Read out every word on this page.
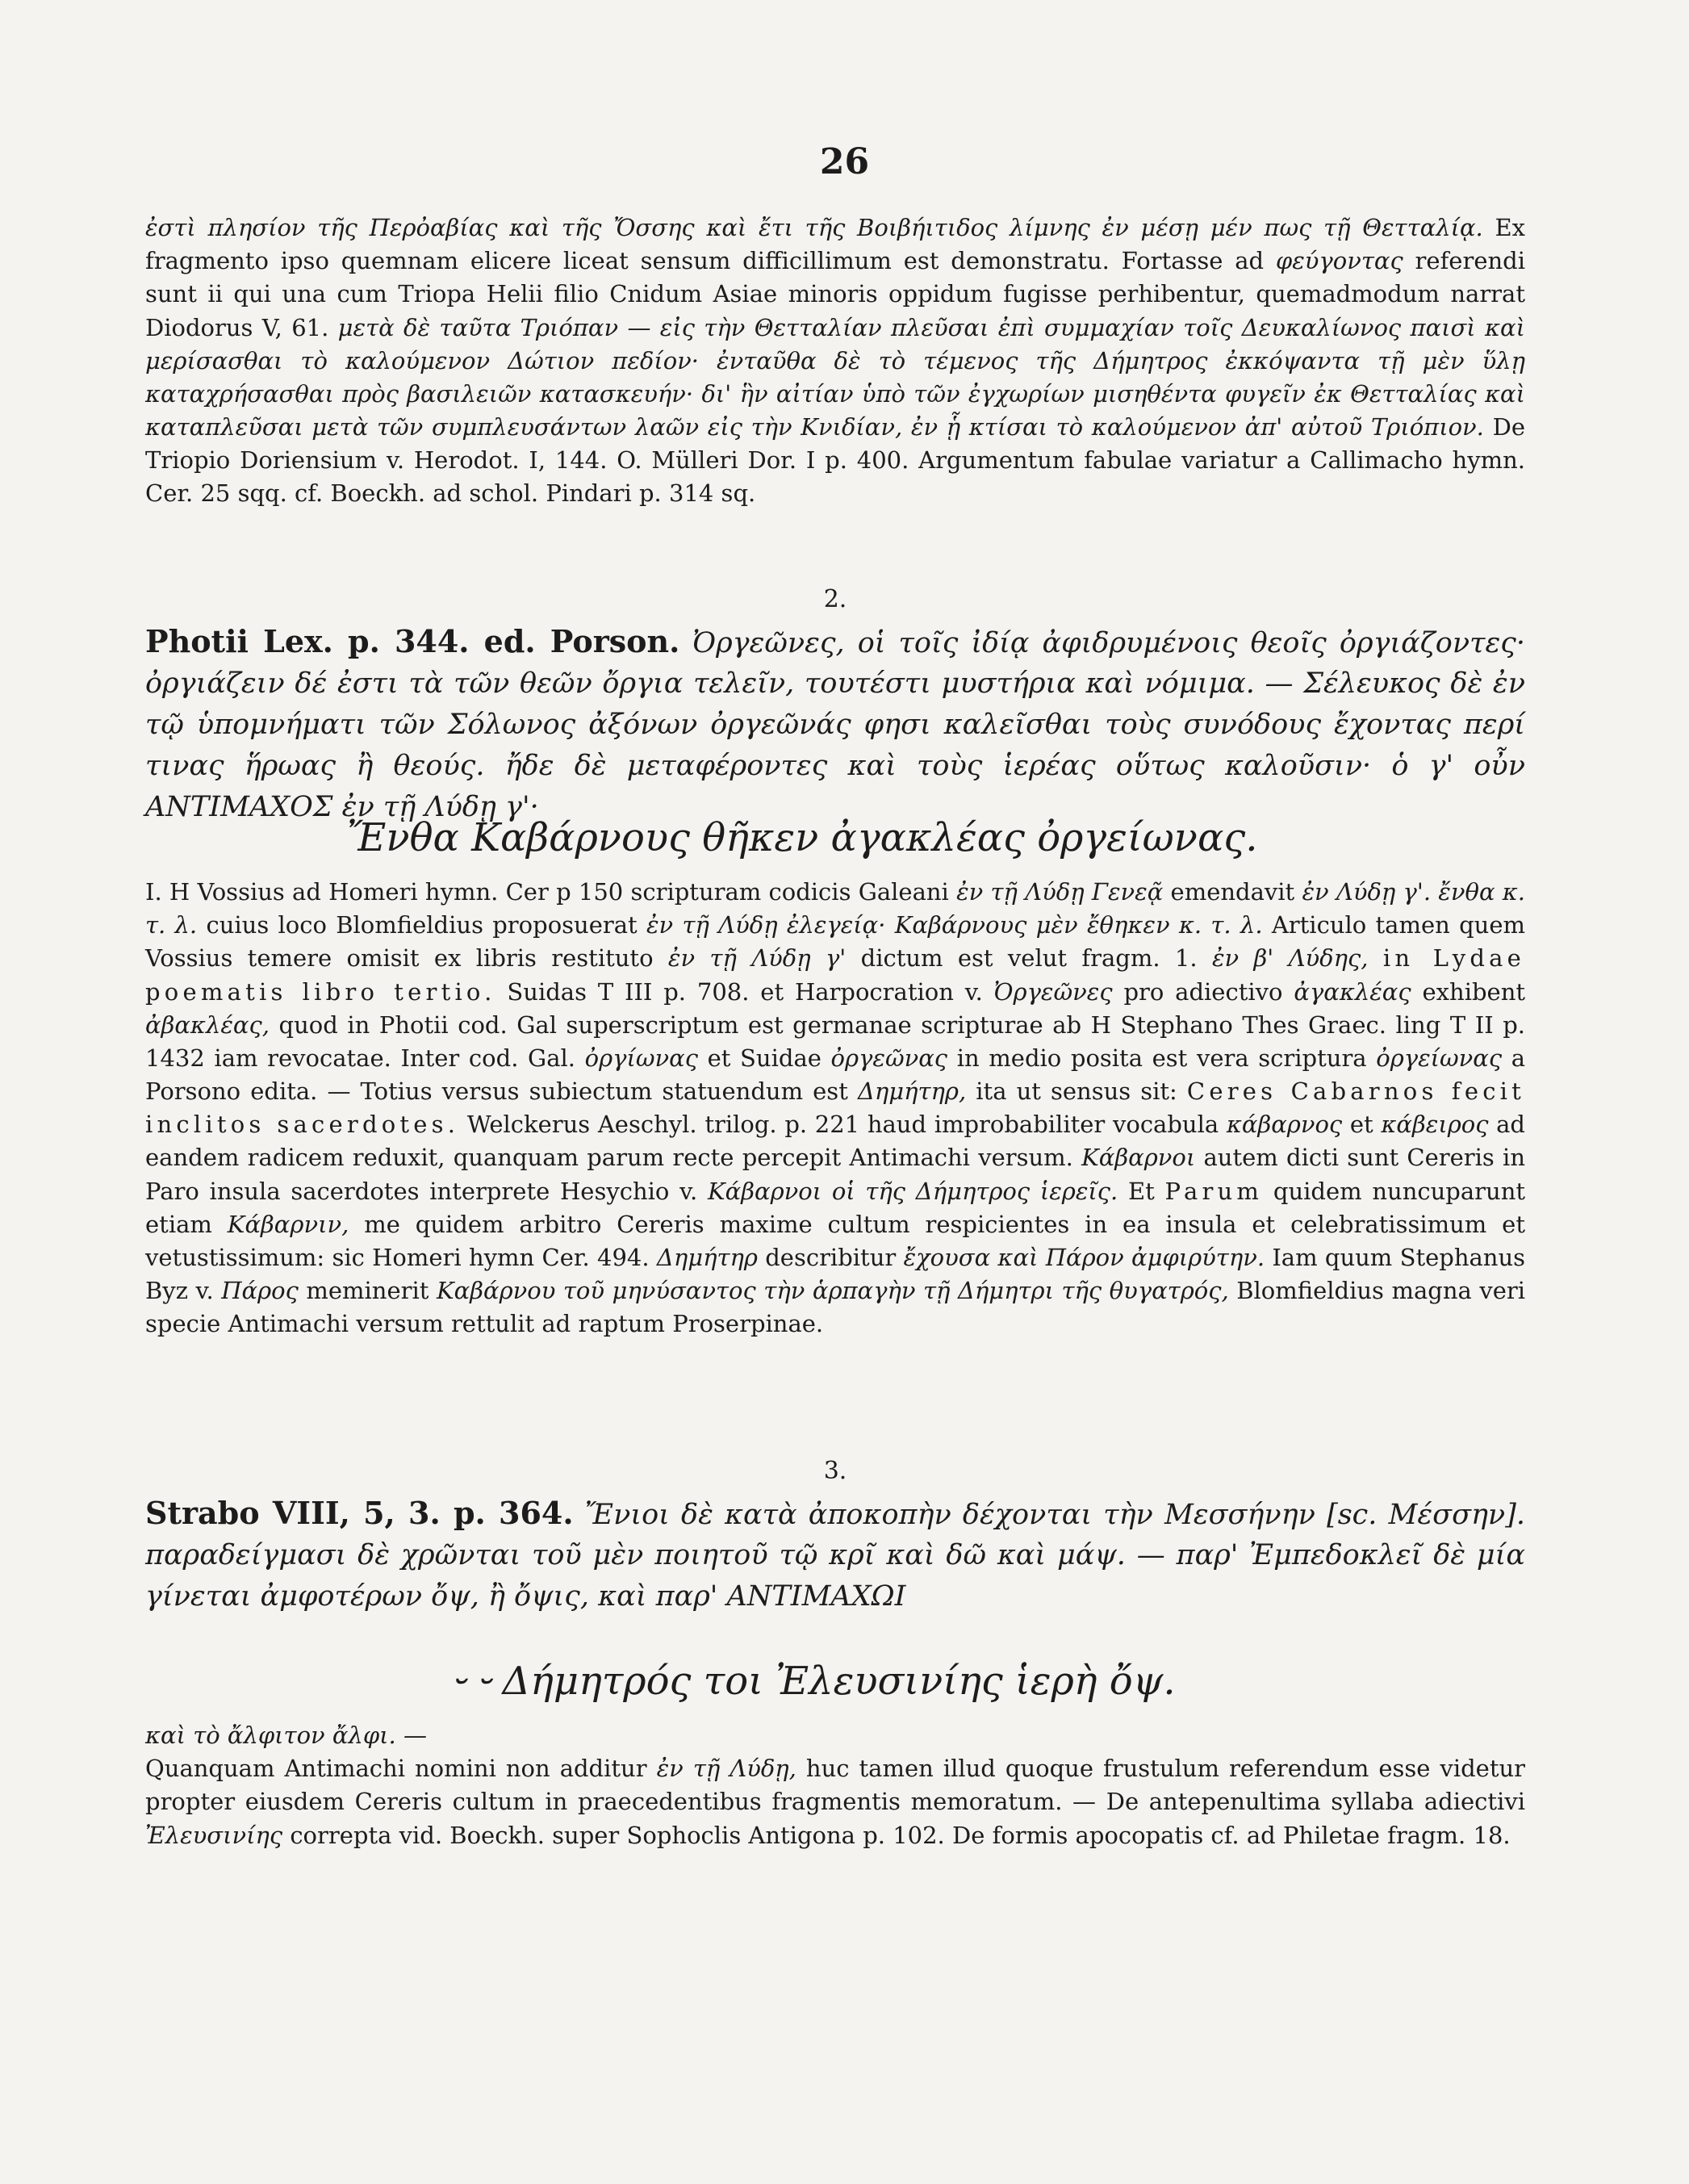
26
ἐστὶ πλησίον τῆς Περὀαβίας καὶ τῆς Ὄσσης καὶ ἔτι τῆς Βοιβήιτιδος λίμνης ἐν μέσῃ μέν πως τῇ Θετταλίᾳ. Ex fragmento ipso quemnam elicere liceat sensum difficillimum est demonstratu. Fortasse ad φεύγοντας referendi sunt ii qui una cum Triopa Helii filio Cnidum Asiae minoris oppidum fugisse perhibentur, quemadmodum narrat Diodorus V, 61. μετὰ δὲ ταῦτα Τριόπαν — εἰς τὴν Θετταλίαν πλεῦσαι ἐπὶ συμμαχίαν τοῖς Δευκαλίωνος παισὶ καὶ μερίσασθαι τὸ καλούμενον Δώτιον πεδίον· ἐνταῦθα δὲ τὸ τέμενος τῆς Δήμητρος ἐκκόψαντα τῇ μὲν ὕλῃ καταχρήσασθαι πρὸς βασιλειῶν κατασκευήν· δι' ἣν αἰτίαν ὑπὸ τῶν ἐγχωρίων μισηθέντα φυγεῖν ἐκ Θετταλίας καὶ καταπλεῦσαι μετὰ τῶν συμπλευσάντων λαῶν εἰς τὴν Κνιδίαν, ἐν ᾗ κτίσαι τὸ καλούμενον ἀπ' αὐτοῦ Τριόπιον. De Triopio Doriensium v. Herodot. I, 144. O. Mülleri Dor. I p. 400. Argumentum fabulae variatur a Callimacho hymn. Cer. 25 sqq. cf. Boeckh. ad schol. Pindari p. 314 sq.
2.
Photii Lex. p. 344. ed. Porson. Ὀργεῶνες, οἱ τοῖς ἰδίᾳ ἀφιδρυμένοις θεοῖς ὀργιάζοντες· ὀργιάζειν δέ ἐστι τὰ τῶν θεῶν ὄργια τελεῖν, τουτέστι μυστήρια καὶ νόμιμα. — Σέλευκος δὲ ἐν τῷ ὑπομνήματι τῶν Σόλωνος ἀξόνων ὀργεῶνάς φησι καλεῖσθαι τοὺς συνόδους ἔχοντας περί τινας ἥρωας ἢ θεούς. ἤδε δὲ μεταφέροντες καὶ τοὺς ἱερέας οὕτως καλοῦσιν· ὁ γ' οὖν ΑΝΤΙΜΑΧΟΣ ἐν τῇ Λύδῃ γ'·
Ἔνθα Καβάρνους θῆκεν ἀγακλέας ὀργείωνας.
I. H Vossius ad Homeri hymn. Cer p 150 scripturam codicis Galeani ἐν τῇ Λύδῃ Γενεᾷ emendavit ἐν Λύδῃ γ'. ἔνθα κ. τ. λ. cuius loco Blomfieldius proposuerat ἐν τῇ Λύδῃ ἐλεγείᾳ· Καβάρνους μὲν ἔθηκεν κ. τ. λ. Articulo tamen quem Vossius temere omisit ex libris restituto ἐν τῇ Λύδῃ γ' dictum est velut fragm. 1. ἐν β' Λύδης, in Lydae poematis libro tertio. Suidas T III p. 708. et Harpocration v. Ὀργεῶνες pro adiectivo ἀγακλέας exhibent ἀβακλέας, quod in Photii cod. Gal superscriptum est germanae scripturae ab H Stephano Thes Graec. ling T II p. 1432 iam revocatae. Inter cod. Gal. ὀργίωνας et Suidae ὀργεῶνας in medio posita est vera scriptura ὀργείωνας a Porsono edita. — Totius versus subiectum statuendum est Δημήτηρ, ita ut sensus sit: Ceres Cabarnos fecit inclitos sacerdotes. Welckerus Aeschyl. trilog. p. 221 haud improbabiliter vocabula κάβαρνος et κάβειρος ad eandem radicem reduxit, quanquam parum recte percepit Antimachi versum. Κάβαρνοι autem dicti sunt Cereris in Paro insula sacerdotes interprete Hesychio v. Κάβαρνοι οἱ τῆς Δήμητρος ἱερεῖς. Et Parum quidem nuncuparunt etiam Κάβαρνιν, me quidem arbitro Cereris maxime cultum respicientes in ea insula et celebratissimum et vetustissimum: sic Homeri hymn Cer. 494. Δημήτηρ describitur ἔχουσα καὶ Πάρον ἀμφιρύτην. Iam quum Stephanus Byz v. Πάρος meminerit Καβάρνου τοῦ μηνύσαντος τὴν ἁρπαγὴν τῇ Δήμητρι τῆς θυγατρός, Blomfieldius magna veri specie Antimachi versum rettulit ad raptum Proserpinae.
3.
Strabo VIII, 5, 3. p. 364. Ἔνιοι δὲ κατὰ ἀποκοπὴν δέχονται τὴν Μεσσήνην [sc. Μέσσην]. παραδείγμασι δὲ χρῶνται τοῦ μὲν ποιητοῦ τῷ κρῖ καὶ δῶ καὶ μάψ. — παρ' Ἐμπεδοκλεῖ δὲ μία γίνεται ἀμφοτέρων ὄψ, ἢ ὄψις, καὶ παρ' ΑΝΤΙΜΑΧΩΙ
⏑ ⏑ Δήμητρός τοι Ἐλευσινίης ἱερὴ ὄψ.
καὶ τὸ ἄλφιτον ἄλφι. —
Quanquam Antimachi nomini non additur ἐν τῇ Λύδῃ, huc tamen illud quoque frustulum referendum esse videtur propter eiusdem Cereris cultum in praecedentibus fragmentis memoratum. — De antepenultima syllaba adiectivi Ἐλευσινίης correpta vid. Boeckh. super Sophoclis Antigona p. 102. De formis apocopatis cf. ad Philetae fragm. 18.
